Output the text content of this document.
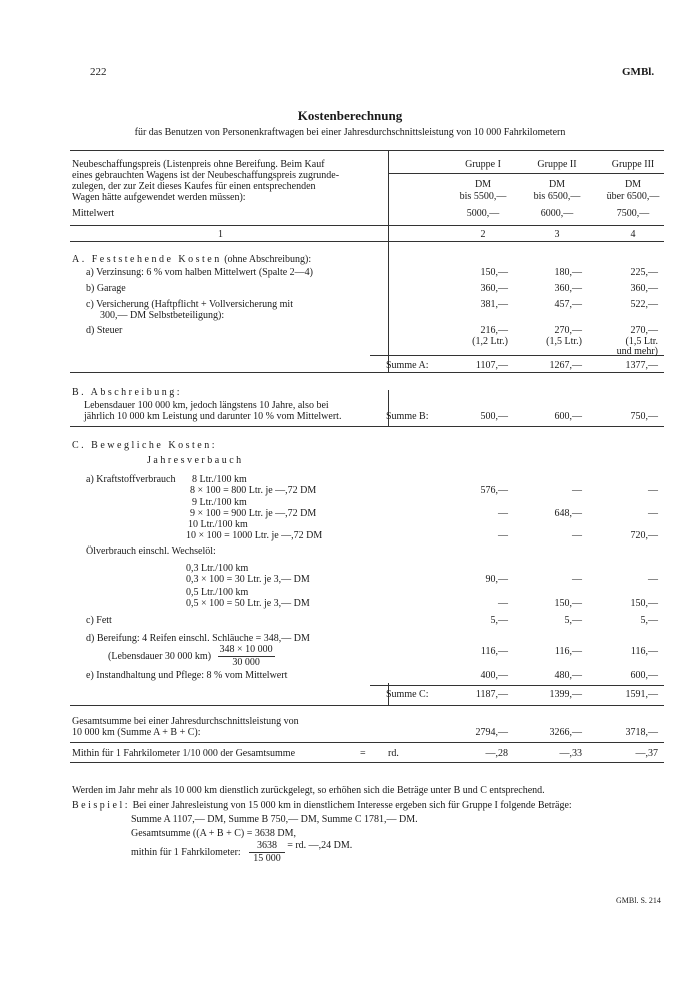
222	GMBl.
Kostenberechnung
für das Benutzen von Personenkraftwagen bei einer Jahresdurchschnittsleistung von 10 000 Fahrkilometern
Neubeschaffungspreis (Listenpreis ohne Bereifung. Beim Kauf
eines gebrauchten Wagens ist der Neubeschaffungspreis zugrunde-
zulegen, der zur Zeit dieses Kaufes für einen entsprechenden
Wagen hätte aufgewendet werden müssen):
Mittelwert
Gruppe I	Gruppe II	Gruppe III
DM	DM	DM
bis 5500,—	bis 6500,—	über 6500,—
5000,—	6000,—	7500,—
1	2	3	4
A. Feststehende Kosten (ohne Abschreibung):
a) Verzinsung: 6 % vom halben Mittelwert (Spalte 2—4)	150,—	180,—	225,—
b) Garage	360,—	360,—	360,—
c) Versicherung (Haftpflicht + Vollversicherung mit
300,— DM Selbstbeteiligung):
381,—	457,—	522,—
d) Steuer	216,—	270,—	270,—
(1,2 Ltr.)	(1,5 Ltr.)	(1,5 Ltr.
und mehr)
Summe A:	1107,—	1267,—	1377,—
B. Abschreibung:
Lebensdauer 100 000 km, jedoch längstens 10 Jahre, also bei
jährlich 10 000 km Leistung und darunter 10 % vom Mittelwert.	Summe B:	500,—	600,—	750,—
C. Bewegliche Kosten:
Jahresverbauch
a) Kraftstoffverbrauch 8 Ltr./100 km
8 × 100 = 800 Ltr. je —,72 DM	576,—	—	—
9 Ltr./100 km
9 × 100 = 900 Ltr. je —,72 DM	—	648,—	—
10 Ltr./100 km
10 × 100 = 1000 Ltr. je —,72 DM	—	—	720,—
Ölverbrauch einschl. Wechselöl:
0,3 Ltr./100 km
0,3 × 100 = 30 Ltr. je 3,— DM	90,—	—	—
0,5 Ltr./100 km
0,5 × 100 = 50 Ltr. je 3,— DM	—	150,—	150,—
c) Fett	5,—	5,—	5,—
d) Bereifung: 4 Reifen einschl. Schläuche = 348,— DM
(Lebensdauer 30 000 $km) \frac{348 \times 10 000}{30 000}$	116,—	116,—	116,—
e) Instandhaltung und Pflege: 8 % vom Mittelwert	400,—	480,—	600,—
Summe C:	1187,—	1399,—	1591,—
Gesamtsumme bei einer Jahresdurchschnittsleistung von
10 000 km (Summe A + B + C):	2794,—	3266,—	3718,—
Mithin für 1 Fahrkilometer 1/10 000 der Gesamtsumme	= rd.	—,28	—,33	—,37
Werden im Jahr mehr als 10 000 km dienstlich zurückgelegt, so erhöhen sich die Beträge unter B und C entsprechend.
Beispiel: Bei einer Jahresleistung von 15 000 km in dienstlichem Interesse ergeben sich für Gruppe I folgende Beträge:
Summe A 1107,— DM, Summe B 750,— DM, Summe C 1781,— DM.
Gesamtsumme ((A + B + C) = 3638 DM,
mithin für 1 Fahrkilometer: $\frac{3638}{15 000}$ = rd. —,24 DM.
GMBl. S. 214
